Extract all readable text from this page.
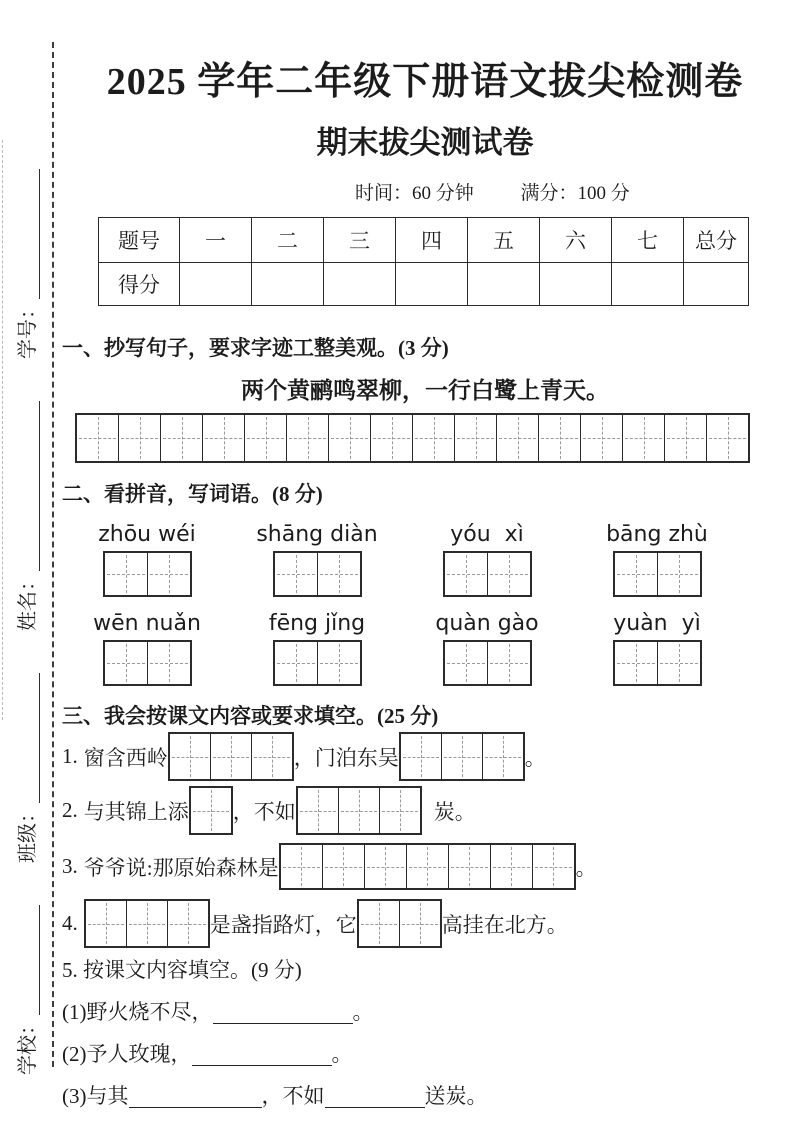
学校：
班级：
姓名：
学号：
2025 学年二年级下册语文拔尖检测卷
期末拔尖测试卷
时间：60 分钟 满分：100 分
题号	一	二	三	四	五	六	七	总分
得分								
一、抄写句子，要求字迹工整美观。(3 分)
两个黄鹂鸣翠柳，一行白鹭上青天。
二、看拼音，写词语。(8 分)
zhōu wéi	shāng diàn	yóu  xì	bāng zhù
wēn nuǎn	fēng jǐng	quàn gào	yuàn  yì
三、我会按课文内容或要求填空。(25 分)
1. 窗含西岭	，门泊东吴	。
2. 与其锦上添 ，不如	炭。
3. 爷爷说:那原始森林是	。
4.	是盏指路灯，它	高挂在北方。
5. 按课文内容填空。(9 分)
(1)野火烧不尽，	。
(2)予人玫瑰，	。
(3)与其	，不如	送炭。
